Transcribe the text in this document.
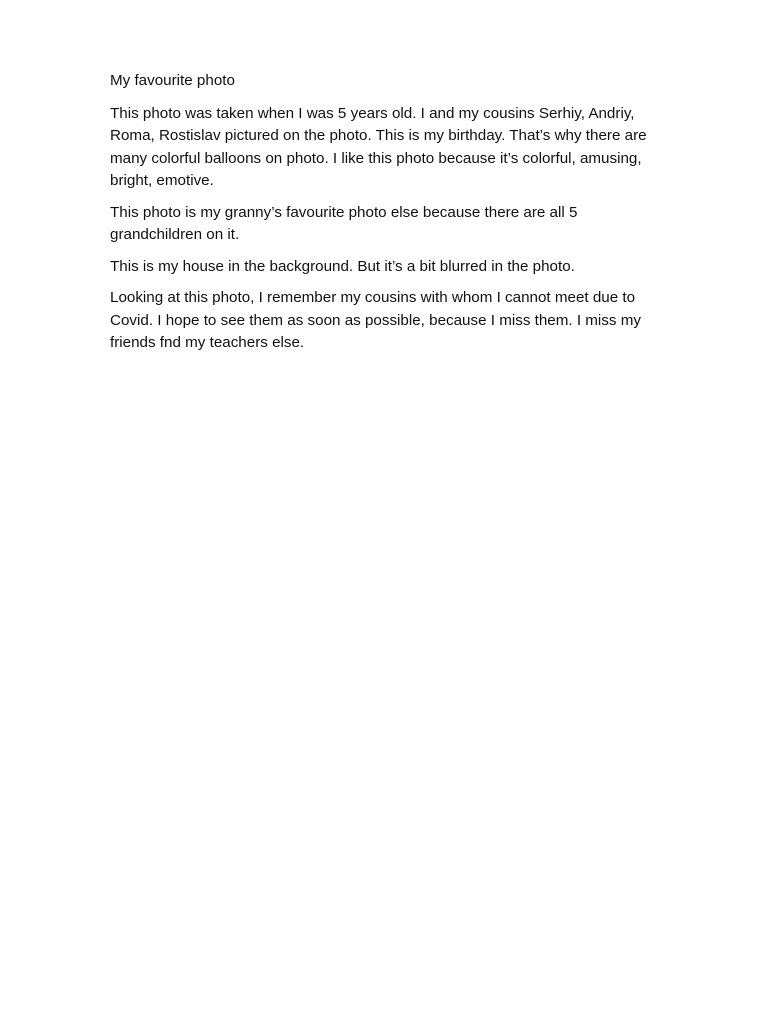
My favourite photo

This photo was taken when I was 5 years old. I and my cousins Serhiy, Andriy,
Roma, Rostislav pictured on the photo. This is my birthday. That’s why there are
many colorful balloons on photo. I like this photo because it’s colorful, amusing,
bright, emotive.

This photo is my granny’s favourite photo else because there are all 5
grandchildren on it.

This is my house in the background. But it’s a bit blurred in the photo.

Looking at this photo, I remember my cousins with whom I cannot meet due to
Covid. I hope to see them as soon as possible, because I miss them. I miss my
friends fnd my teachers else.
